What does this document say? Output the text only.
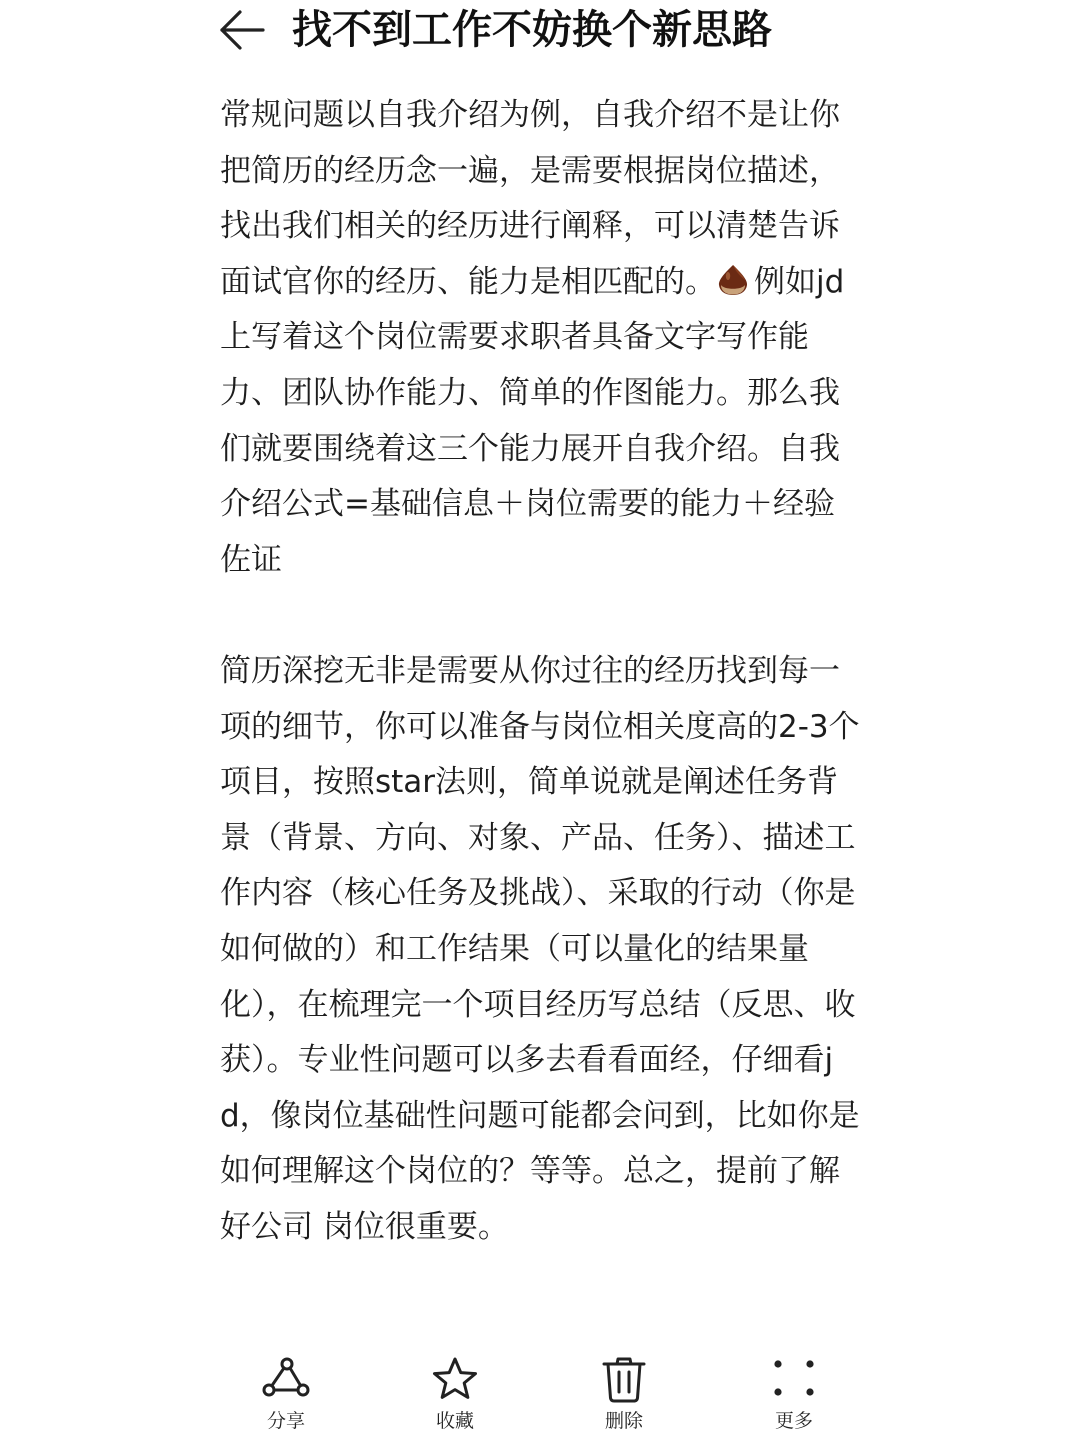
找不到工作不妨换个新思路

常规问题以自我介绍为例，自我介绍不是让你把简历的经历念一遍，是需要根据岗位描述，找出我们相关的经历进行阐释，可以清楚告诉面试官你的经历、能力是相匹配的。 例如jd上写着这个岗位需要求职者具备文字写作能力、团队协作能力、简单的作图能力。那么我们就要围绕着这三个能力展开自我介绍。自我介绍公式=基础信息＋岗位需要的能力＋经验佐证

简历深挖无非是需要从你过往的经历找到每一项的细节，你可以准备与岗位相关度高的2-3个项目，按照star法则，简单说就是阐述任务背景（背景、方向、对象、产品、任务）、描述工作内容（核心任务及挑战）、采取的行动（你是如何做的）和工作结果（可以量化的结果量化），在梳理完一个项目经历写总结（反思、收获）。专业性问题可以多去看看面经，仔细看jd，像岗位基础性问题可能都会问到，比如你是如何理解这个岗位的？等等。总之，提前了解好公司 岗位很重要。

分享	收藏	删除	更多
